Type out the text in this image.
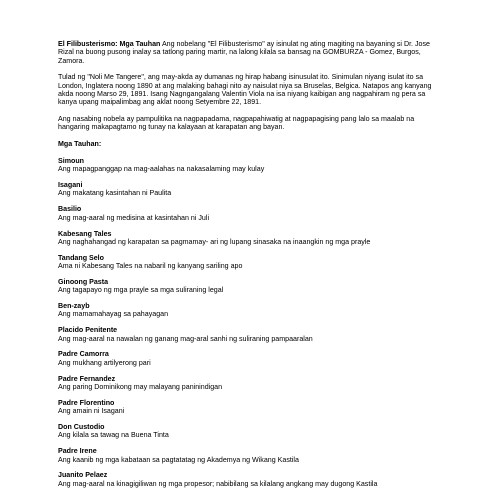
El Filibusterismo: Mga Tauhan Ang nobelang "El Filibusterismo" ay isinulat ng ating magiting na bayaning si Dr. Jose Rizal na buong pusong inalay sa tatlong paring martir, na lalong kilala sa bansag na GOMBURZA - Gomez, Burgos, Zamora.

Tulad ng "Noli Me Tangere", ang may-akda ay dumanas ng hirap habang isinusulat ito. Sinimulan niyang isulat ito sa London, Inglatera noong 1890 at ang malaking bahagi nito ay naisulat niya sa Bruselas, Belgica. Natapos ang kanyang akda noong Marso 29, 1891. Isang Nagngangalang Valentin Viola na isa niyang kaibigan ang nagpahiram ng pera sa kanya upang maipalimbag ang aklat noong Setyembre 22, 1891.

Ang nasabing nobela ay pampulitika na nagpapadama, nagpapahiwatig at nagpapagising pang lalo sa maalab na hangaring makapagtamo ng tunay na kalayaan at karapatan ang bayan.

Mga Tauhan:
Simoun
Ang mapagpanggap na mag-aalahas na nakasalaming may kulay
Isagani
Ang makatang kasintahan ni Paulita
Basilio
Ang mag-aaral ng medisina at kasintahan ni Juli
Kabesang Tales
Ang naghahangad ng karapatan sa pagmamay- ari ng lupang sinasaka na inaangkin ng mga prayle
Tandang Selo
Ama ni Kabesang Tales na nabaril ng kanyang sariling apo
Ginoong Pasta
Ang tagapayo ng mga prayle sa mga suliraning legal
Ben-zayb
Ang mamamahayag sa pahayagan
Placido Penitente
Ang mag-aaral na nawalan ng ganang mag-aral sanhi ng suliraning pampaaralan
Padre Camorra
Ang mukhang artilyerong pari
Padre Fernandez
Ang paring Dominikong may malayang paninindigan
Padre Florentino
Ang amain ni Isagani
Don Custodio
Ang kilala sa tawag na Buena Tinta
Padre Irene
Ang kaanib ng mga kabataan sa pagtatatag ng Akademya ng Wikang Kastila
Juanito Pelaez
Ang mag-aaral na kinagigiliwan ng mga propesor; nabibilang sa kilalang angkang may dugong Kastila
